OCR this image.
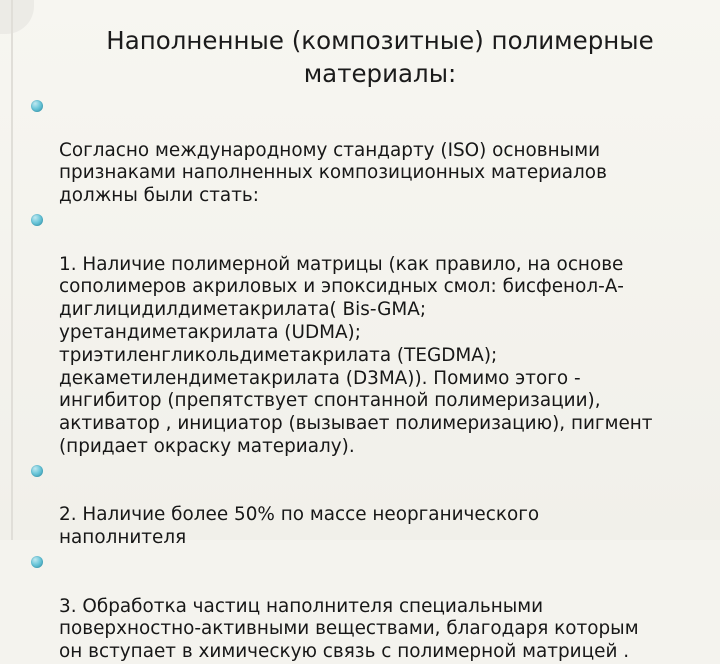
Наполненные (композитные) полимерные
материалы:

Согласно международному стандарту (ISO) основными
признаками наполненных композиционных материалов
должны были стать:

1. Наличие полимерной матрицы (как правило, на основе
сополимеров акриловых и эпоксидных смол: бисфенол-А-
диглицидилдиметакрилата( Bis-GMA;
уретандиметакрилата (UDMA);
триэтиленгликольдиметакрилата (TEGDMA);
декаметилендиметакрилата (D3MA)). Помимо этого -
ингибитор (препятствует спонтанной полимеризации),
активатор , инициатор (вызывает полимеризацию), пигмент
(придает окраску материалу).

2. Наличие более 50% по массе неорганического
наполнителя

3. Обработка частиц наполнителя специальными
поверхностно-активными веществами, благодаря которым
он вступает в химическую связь с полимерной матрицей .
